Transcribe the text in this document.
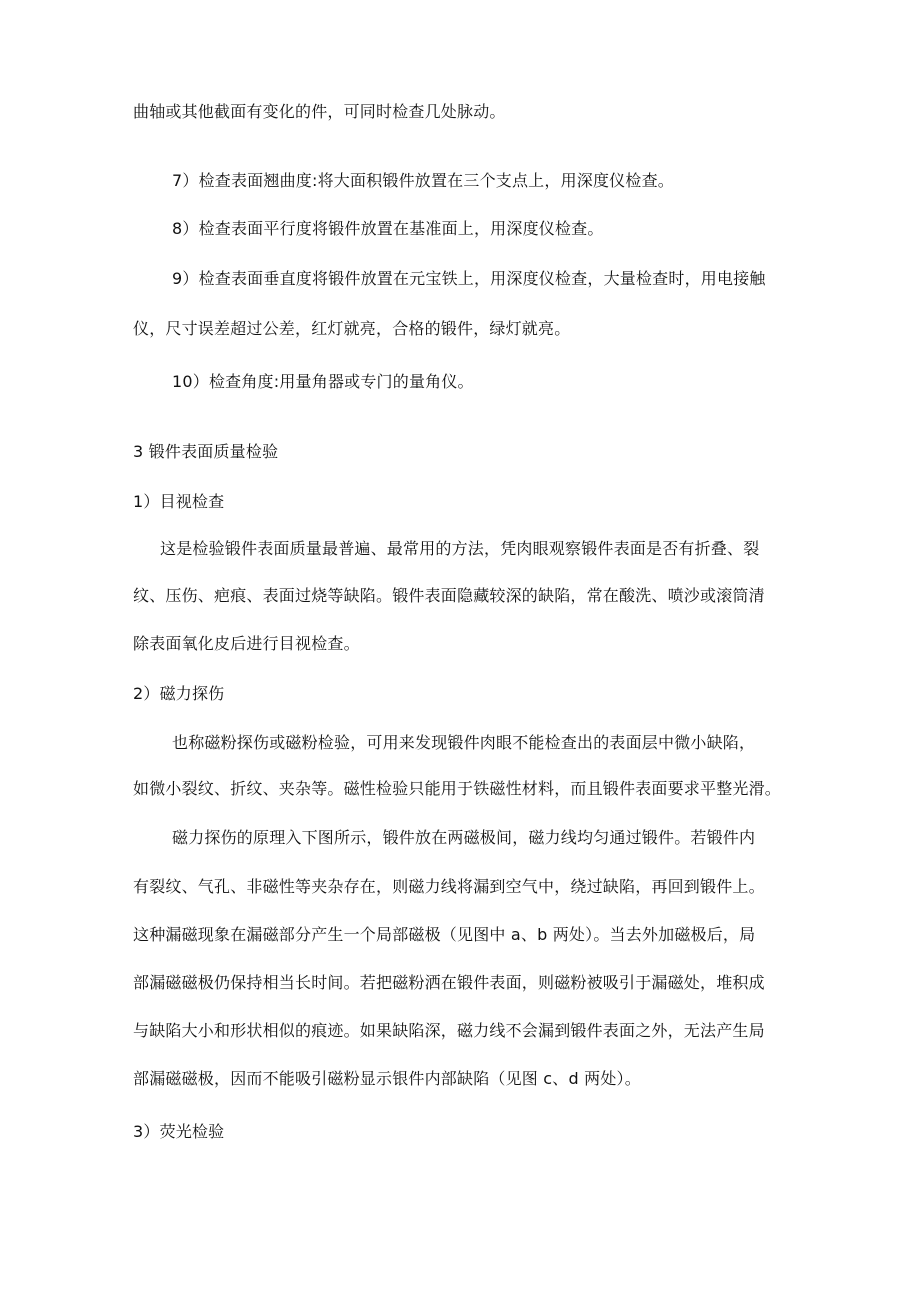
曲轴或其他截面有变化的件，可同时检查几处脉动。
7）检查表面翘曲度:将大面积锻件放置在三个支点上，用深度仪检查。
8）检查表面平行度将锻件放置在基准面上，用深度仪检查。
9）检查表面垂直度将锻件放置在元宝铁上，用深度仪检查，大量检查时，用电接触
仪，尺寸误差超过公差，红灯就亮，合格的锻件，绿灯就亮。
10）检查角度:用量角器或专门的量角仪。
3 锻件表面质量检验
1）目视检查
这是检验锻件表面质量最普遍、最常用的方法，凭肉眼观察锻件表面是否有折叠、裂
纹、压伤、疤痕、表面过烧等缺陷。锻件表面隐藏较深的缺陷，常在酸洗、喷沙或滚筒清
除表面氧化皮后进行目视检查。
2）磁力探伤
也称磁粉探伤或磁粉检验，可用来发现锻件肉眼不能检查出的表面层中微小缺陷，
如微小裂纹、折纹、夹杂等。磁性检验只能用于铁磁性材料，而且锻件表面要求平整光滑。
磁力探伤的原理入下图所示，锻件放在两磁极间，磁力线均匀通过锻件。若锻件内
有裂纹、气孔、非磁性等夹杂存在，则磁力线将漏到空气中，绕过缺陷，再回到锻件上。
这种漏磁现象在漏磁部分产生一个局部磁极（见图中 a、b 两处）。当去外加磁极后，局
部漏磁磁极仍保持相当长时间。若把磁粉洒在锻件表面，则磁粉被吸引于漏磁处，堆积成
与缺陷大小和形状相似的痕迹。如果缺陷深，磁力线不会漏到锻件表面之外，无法产生局
部漏磁磁极，因而不能吸引磁粉显示银件内部缺陷（见图 c、d 两处）。
3）荧光检验
